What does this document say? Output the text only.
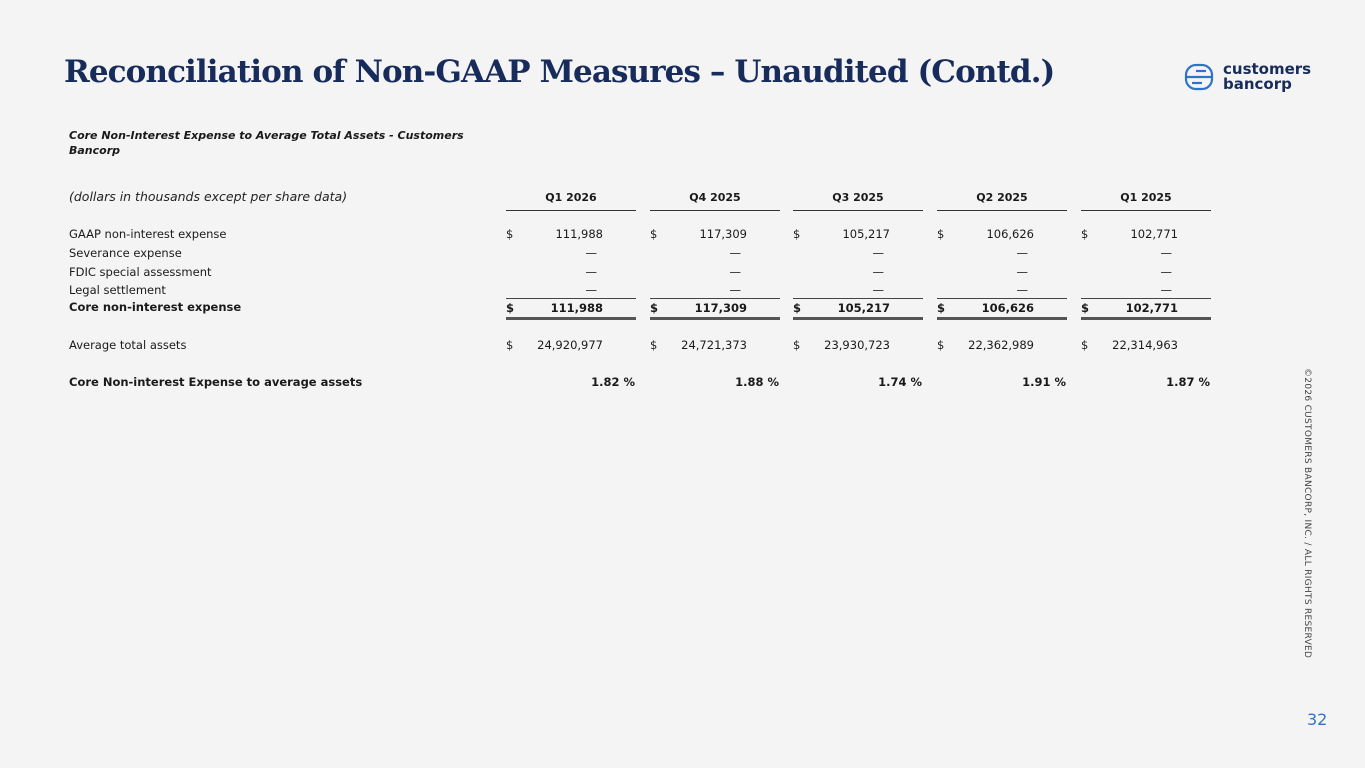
Reconciliation of Non-GAAP Measures – Unaudited (Contd.)	customers
bancorp
Core Non-Interest Expense to Average Total Assets - Customers Bancorp
(dollars in thousands except per share data)	Q1 2026	Q4 2025	Q3 2025	Q2 2025	Q1 2025
GAAP non-interest expense	$	111,988	$	117,309	$	105,217	$	106,626	$	102,771
Severance expense	—	—	—	—	—
FDIC special assessment	—	—	—	—	—
Legal settlement	—	—	—	—	—
Core non-interest expense	$	111,988	$	117,309	$	105,217	$	106,626	$	102,771
Average total assets	$ 24,920,977	$ 24,721,373	$ 23,930,723	$ 22,362,989	$ 22,314,963
Core Non-interest Expense to average assets	1.82 %	1.88 %	1.74 %	1.91 %	1.87 %	©2026 CUSTOMERS BANCORP, INC. / ALL RIGHTS RESERVED
32
